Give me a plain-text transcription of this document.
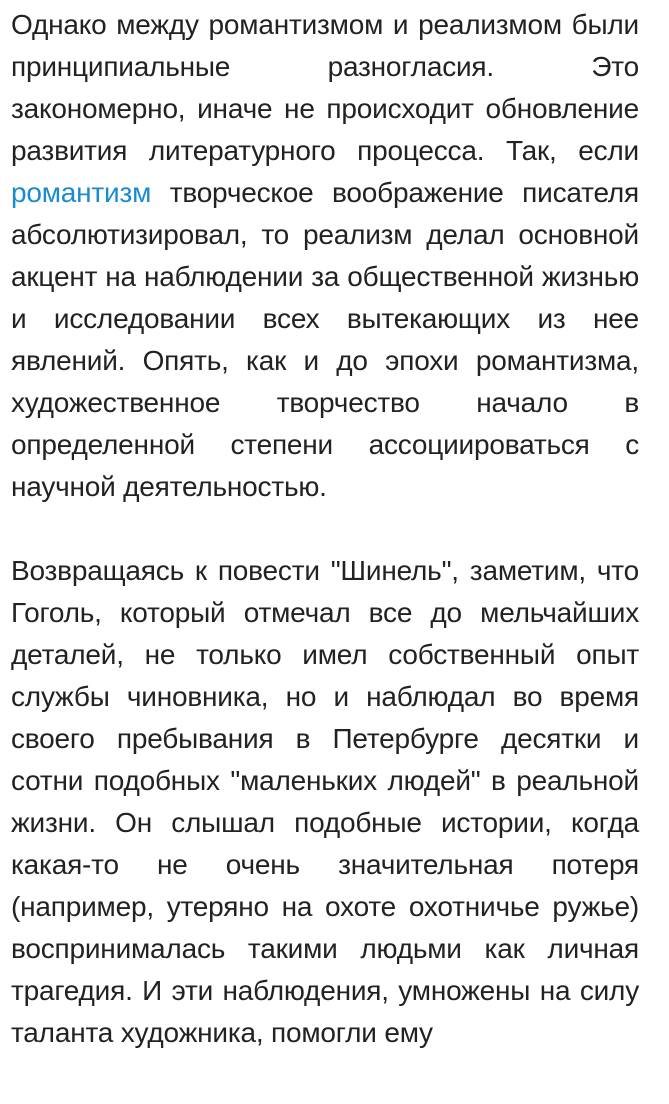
Однако между романтизмом и реализмом были принципиальные разногласия. Это закономерно, иначе не происходит обновление развития литературного процесса. Так, если романтизм творческое воображение писателя абсолютизировал, то реализм делал основной акцент на наблюдении за общественной жизнью и исследовании всех вытекающих из нее явлений. Опять, как и до эпохи романтизма, художественное творчество начало в определенной степени ассоциироваться с научной деятельностью.

Возвращаясь к повести "Шинель", заметим, что Гоголь, который отмечал все до мельчайших деталей, не только имел собственный опыт службы чиновника, но и наблюдал во время своего пребывания в Петербурге десятки и сотни подобных "маленьких людей" в реальной жизни. Он слышал подобные истории, когда какая-то не очень значительная потеря (например, утеряно на охоте охотничье ружье) воспринималась такими людьми как личная трагедия. И эти наблюдения, умножены на силу таланта художника, помогли ему
